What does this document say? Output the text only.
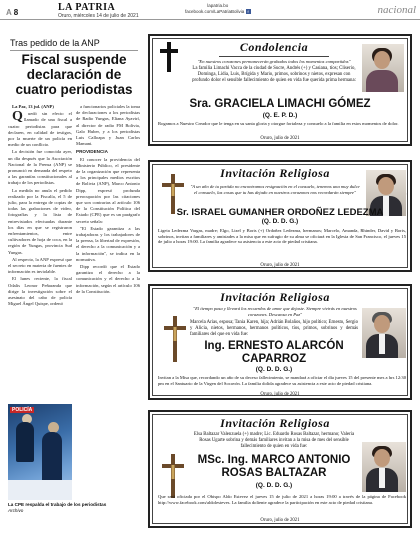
A 8	LA PATRIA
Oruro, miércoles 14 de julio de 2021
lapatria.bo
facebook.com/LaPatriaBolivia f	nacional
Tras pedido de la ANP
Fiscal suspende declaración de cuatro periodistas

La Paz, 13 jul. (ANP)

Q uedó sin efecto el llamado de una fiscal a cuatro periodistas para que declaren, en calidad de testigos, por la muerte de un policía en medio de un conflicto.

La decisión fue conocida ayer, un día después que la Asociación Nacional de la Prensa (ANP) se pronunció en demanda del respeto a las garantías constitucionales al trabajo de los periodistas.

La medida no anula el pedido realizado por la Fiscalía, el 5 de julio, para la entrega de copias de todas las grabaciones de video, fotografías y la lista de entrevistados efectuadas durante los días en que se registraron enfrentamientos, entre cultivadores de hoja de coca, en la región de Yungas, provincia Sud Yungas.

Al respecto, la ANP expresó que el secreto en materia de fuentes de información es inviolable.

El lunes reciente, la fiscal Odalis Leonor Peñaranda que dirige la investigación sobre el asesinato del cabo de policía Miguel Ángel Quispe, ordenó

a funcionarios policiales la toma de declaraciones a los periodistas de Radio Yungas, Eliana Ayavirí, al director de radio FM Bolivia, Galo Huber, y a los periodistas Luis Calloapa y Juan Carlos Mamani.

PROVIDENCIA

El conocer la providencia del Ministerio Público, el presidente de la organización que representa a los principales medios escritos de Bolivia (ANP), Marco Antonio Dipp, expresó profunda preocupación por las citaciones que son contrarias al artículo 106 de la Constitución Política del Estado (CPE) que es un parágrafo secreto señala:

"El Estado garantiza a las trabajadoras y los trabajadores de la prensa, la libertad de expresión, el derecho a la comunicación y a la información", se indica en la normativa.

Dipp recordó que el Estado garantiza el derecho a la comunicación y el derecho a la información, según el artículo 106 de la Constitución.

POLICÍA
La CPE respalda el trabajo de los periodistas
Archivo
Condolencia
"En nuestros corazones permanecerán grabados todos los momentos compartidos"
La familia Limachi Vacca de la ciudad de Sucre, Andrés (+) y Casiana, tíos; Cliserio, Dominga, Lidia, Luis, Brígida y Mario, primos, sobrinos y nietos, expresan con profundo dolor el sensible fallecimiento de quien en vida fue querida prima hermana:
Sra. GRACIELA LIMACHI GÓMEZ
(Q. E. P. D.)
Rogamos a Nuestro Creador que le tenga en su santa gloria y otorgue fortaleza y consuelo a la familia en estos momentos de dolor.
Oruro, julio de 2021
Invitación Religiosa
"A un año de tu partida no encontramos resignación en el consuelo, tenemos una muy dulce el consuelo, las cosas que tu has dejado en nuestros corazones nos recordarán siempre"
Sr. ISRAEL GUMANHER ORDOÑEZ LEDEZMA
(Q. D. D. G.)
Ligeia Ledezma Vargas, madre; Elgo, Lizel y Boris (+) Ordoñez Ledezma, hermanos; Marcelo, Amanda, Rhinder, David y Boris, sobrinos, invitan a familiares y amistades a la misa que en sufragio de su alma se oficiará en la Iglesia de San Francisco, el jueves 15 de julio a horas 19:00. La familia agradece su asistencia a este acto de piedad cristiana.
Oruro, julio de 2021
◦
Invitación Religiosa
"El tiempo pasa y llevará los recuerdos de amor que dejaste. Siempre vivirás en nuestros corazones. Descansa en Paz"
Marcela Arias, esposa; Tania Karen, hija; Adrián Bolaños, hijo político; Ernesto, Sergio y Alicia, nietos, hermanos, hermanos políticos, tíos, primos, sobrinos y demás familiares del que en vida fue:
Ing. ERNESTO ALARCÓN CAPARROZ
(Q. D. D. G.)
Invitan a la Misa que, recordando un año de su deceso fallecimiento, se mandará a oficiar el día jueves 15 del presente mes a hrs 12:30 pm en el Santuario de la Virgen del Socavón. La familia dolida agradece su asistencia a este acto de piedad cristiana.
Oruro, julio de 2021
Invitación Religiosa
Elsa Baltazar Valenzuela (+) madre; Lic. Eduardo Rosas Baltazar, hermano; Valeria Rosas Ugarte sobrina y demás familiares invitan a la misa de mes del sensible fallecimiento de quien en vida fue:
MSc. Ing. MARCO ANTONIO ROSAS BALTAZAR
(Q. D. D. G.)
Que será oficiada por el Obispo Aldo Estevez el jueves 15 de julio de 2021 a horas 19:00 a través de la página de Facebook http://www.facebook.com/aldolesteves. La familia doliente agradece la participación en este acto de piedad cristiana.
Oruro, julio de 2021
